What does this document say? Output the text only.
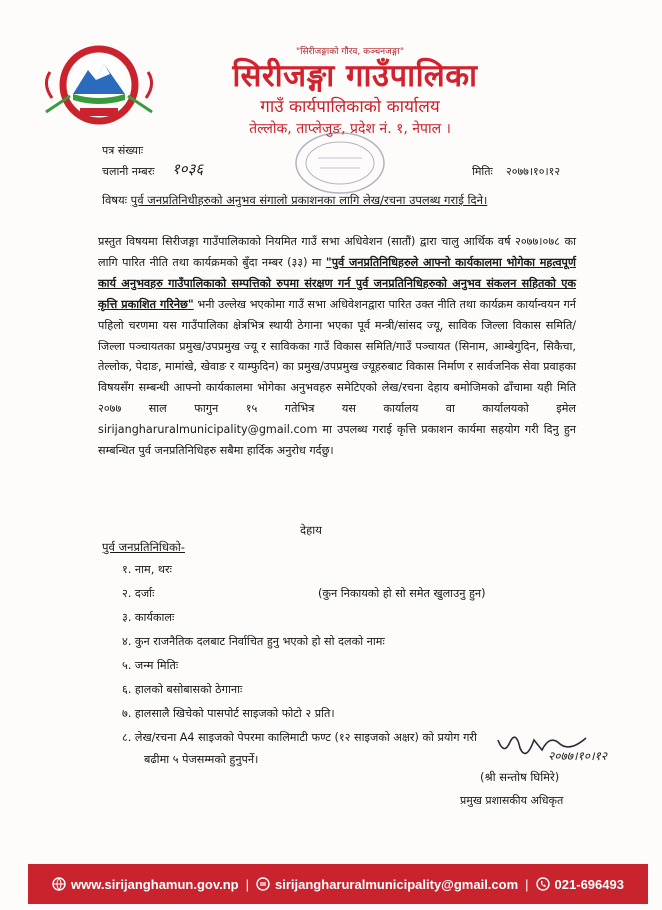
"सिरीजङ्गाको गौरव, कञ्चनजङ्गा"
सिरीजङ्गा गाउँपालिका
गाउँ कार्यपालिकाको कार्यालय
तेल्लोक, ताप्लेजुङ, प्रदेश नं. १, नेपाल ।
पत्र संख्याः
चलानी नम्बरः १०३६	मितिः २०७७।१०।१२
विषयः पुर्व जनप्रतिनिधीहरुको अनुभव संगालो प्रकाशनका लागि लेख/रचना उपलब्ध गराई दिने।
प्रस्तुत विषयमा सिरीजङ्गा गाउँपालिकाको नियमित गाउँ सभा अधिवेशन (सातौं) द्वारा चालु आर्थिक वर्ष २०७७।०७८ का लागि पारित नीति तथा कार्यक्रमको बुँदा नम्बर (३३) मा "पुर्व जनप्रतिनिधिहरुले आफ्नो कार्यकालमा भोगेका महत्वपूर्ण कार्य अनुभवहरु गाउँपालिकाको सम्पत्तिको रुपमा संरक्षण गर्न पुर्व जनप्रतिनिधिहरुको अनुभव संकलन सहितको एक कृत्ति प्रकाशित गरिनेछ" भनी उल्लेख भएकोमा गाउँ सभा अधिवेशनद्वारा पारित उक्त नीति तथा कार्यक्रम कार्यान्वयन गर्न पहिलो चरणमा यस गाउँपालिका क्षेत्रभित्र स्थायी ठेगाना भएका पूर्व मन्त्री/सांसद ज्यू, साविक जिल्ला विकास समिति/जिल्ला पञ्चायतका प्रमुख/उपप्रमुख ज्यू र साविकका गाउँ विकास समिति/गाउँ पञ्चायत (सिनाम, आम्बेगुदिन, सिकैचा, तेल्लोक, पेदाङ, मामांखे, खेवाङ र याम्फुदिन) का प्रमुख/उपप्रमुख ज्यूहरुबाट विकास निर्माण र सार्वजनिक सेवा प्रवाहका विषयसँग सम्बन्धी आफ्नो कार्यकालमा भोगेका अनुभवहरु समेटिएको लेख/रचना देहाय बमोजिमको ढाँचामा यही मिति २०७७ साल फागुन १५ गतेभित्र यस कार्यालय वा कार्यालयको इमेल sirijangharuralmunicipality@gmail.com मा उपलब्ध गराई कृत्ति प्रकाशन कार्यमा सहयोग गरी दिनु हुन सम्बन्धित पुर्व जनप्रतिनिधिहरु सबैमा हार्दिक अनुरोध गर्दछु।
देहाय
पुर्व जनप्रतिनिधिको-
१. नाम, थरः
२. दर्जाः	(कुन निकायको हो सो समेत खुलाउनु हुन)
३. कार्यकालः
४. कुन राजनैतिक दलबाट निर्वाचित हुनु भएको हो सो दलको नामः
५. जन्म मितिः
६. हालको बसोबासको ठेगानाः
७. हालसालै खिचेको पासपोर्ट साइजको फोटो २ प्रति।
८. लेख/रचना A4 साइजको पेपरमा कालिमाटी फण्ट (१२ साइजको अक्षर) को प्रयोग गरी
बढीमा ५ पेजसम्मको हुनुपर्ने।	२०७७।१०।१२
(श्री सन्तोष घिमिरे)
प्रमुख प्रशासकीय अधिकृत
www.sirijanghamun.gov.np | sirijangharuralmunicipality@gmail.com | 021-696493
